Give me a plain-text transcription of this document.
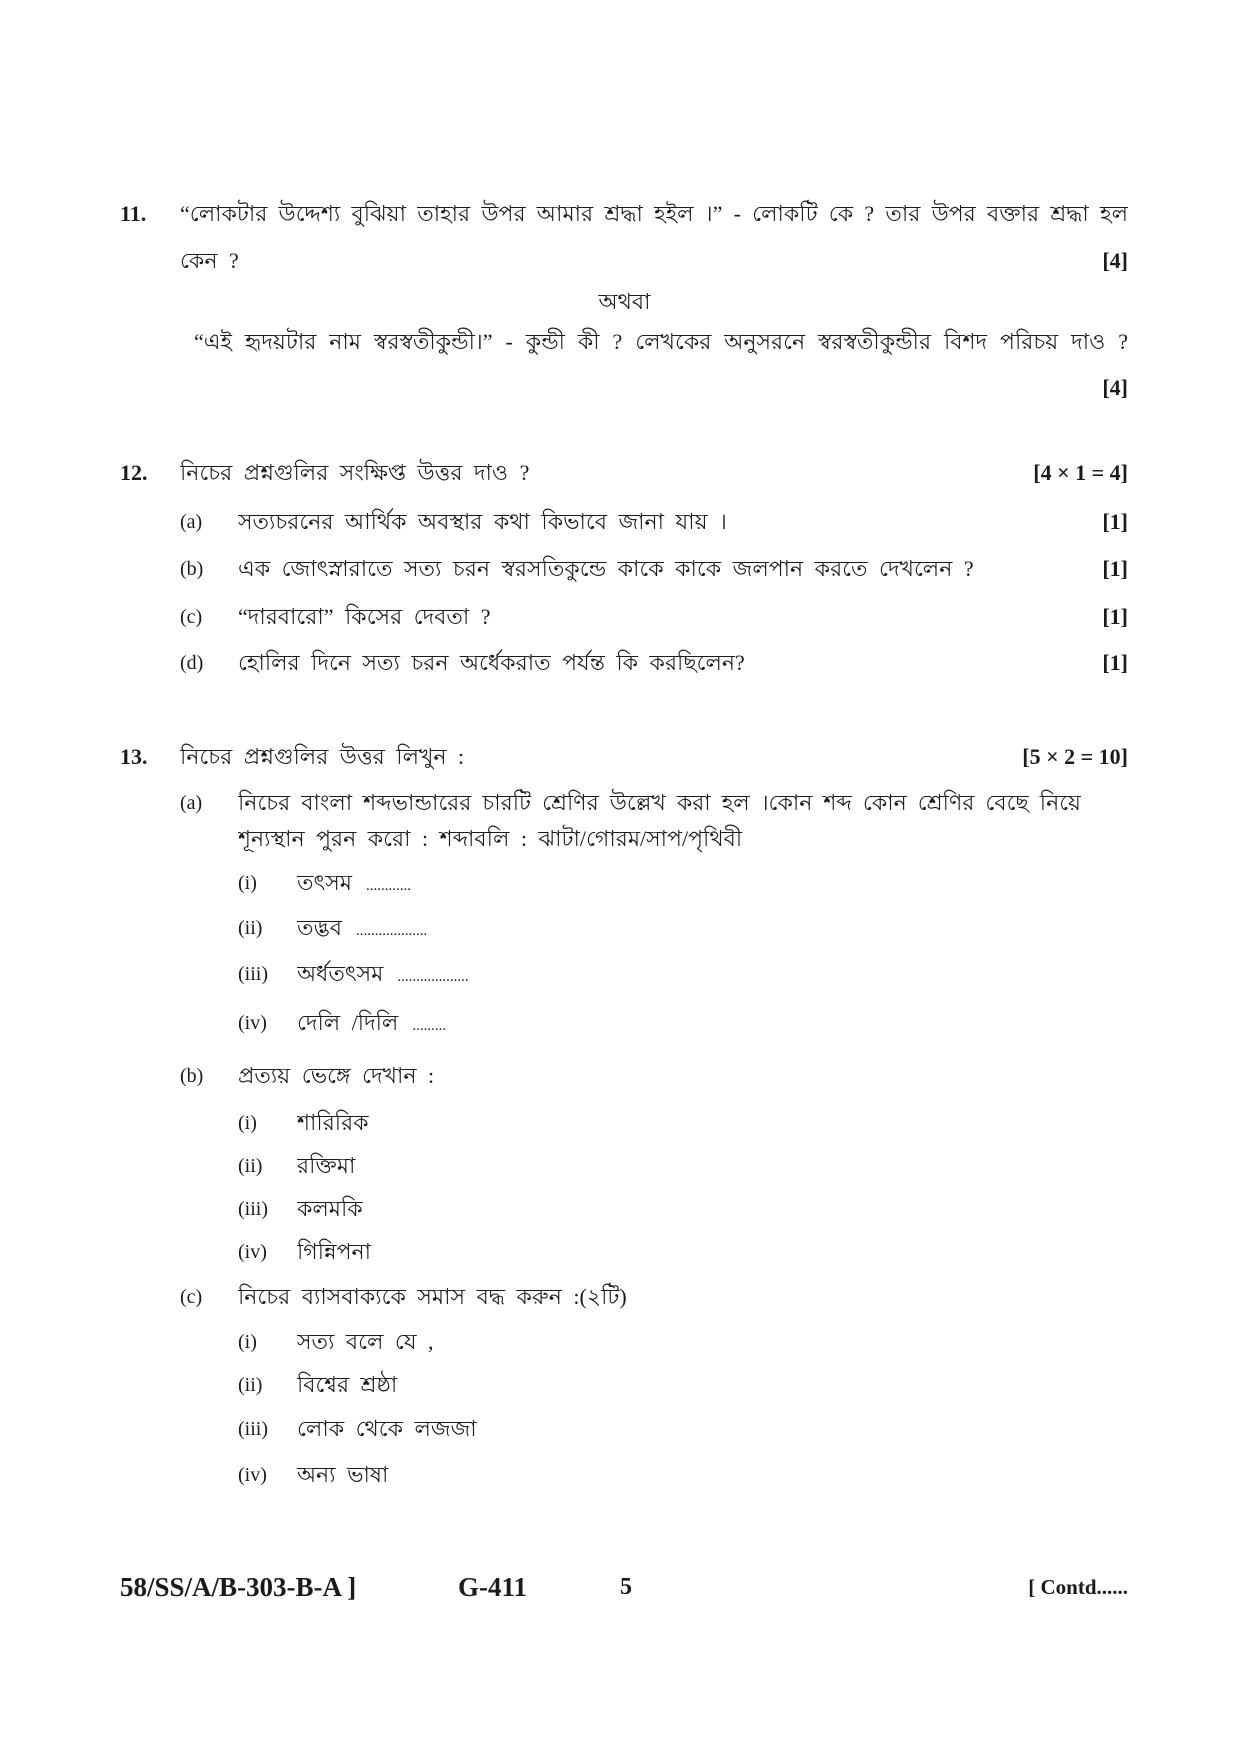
11. “লোকটার উদ্দেশ্য বুঝিয়া তাহার উপর আমার শ্রদ্ধা হইল ।” - লোকটি কে ? তার উপর বক্তার শ্রদ্ধা হল
কেন ?	[4]
অথবা
“এই হৃদয়টার নাম স্বরস্বতীকুন্ডী।” - কুন্ডী কী ? লেখকের অনুসরনে স্বরস্বতীকুন্ডীর বিশদ পরিচয় দাও ?
[4]
12. নিচের প্রশ্নগুলির সংক্ষিপ্ত উত্তর দাও ?	[4 × 1 = 4]
(a) সত্যচরনের আর্থিক অবস্থার কথা কিভাবে জানা যায় ।	[1]
(b) এক জোৎস্নারাতে সত্য চরন স্বরসতিকুন্ডে কাকে কাকে জলপান করতে দেখলেন ?	[1]
(c) “দারবারো” কিসের দেবতা ?	[1]
(d) হোলির দিনে সত্য চরন অর্ধেকরাত পর্যন্ত কি করছিলেন?	[1]
13. নিচের প্রশ্নগুলির উত্তর লিখুন :	[5 × 2 = 10]
(a) নিচের বাংলা শব্দভান্ডারের চারটি শ্রেণির উল্লেখ করা হল ।কোন শব্দ কোন শ্রেণির বেছে নিয়ে
শূন্যস্থান পুরন করো : শব্দাবলি : ঝাটা/গোরম/সাপ/পৃথিবী
(i) তৎসম ............
(ii) তদ্ভব ...................
(iii) অর্ধতৎসম ...................
(iv) দেলি /দিলি .........
(b) প্রত্যয় ভেঙ্গে দেখান :
(i) শারিরিক
(ii) রক্তিমা
(iii) কলমকি
(iv) গিন্নিপনা
(c) নিচের ব্যাসবাক্যকে সমাস বদ্ধ করুন :(২টি)
(i) সত্য বলে যে ,
(ii) বিশ্বের শ্রষ্ঠা
(iii) লোক থেকে লজজা
(iv) অন্য ভাষা
58/SS/A/B-303-B-A ]	G-411	5	[ Contd......
